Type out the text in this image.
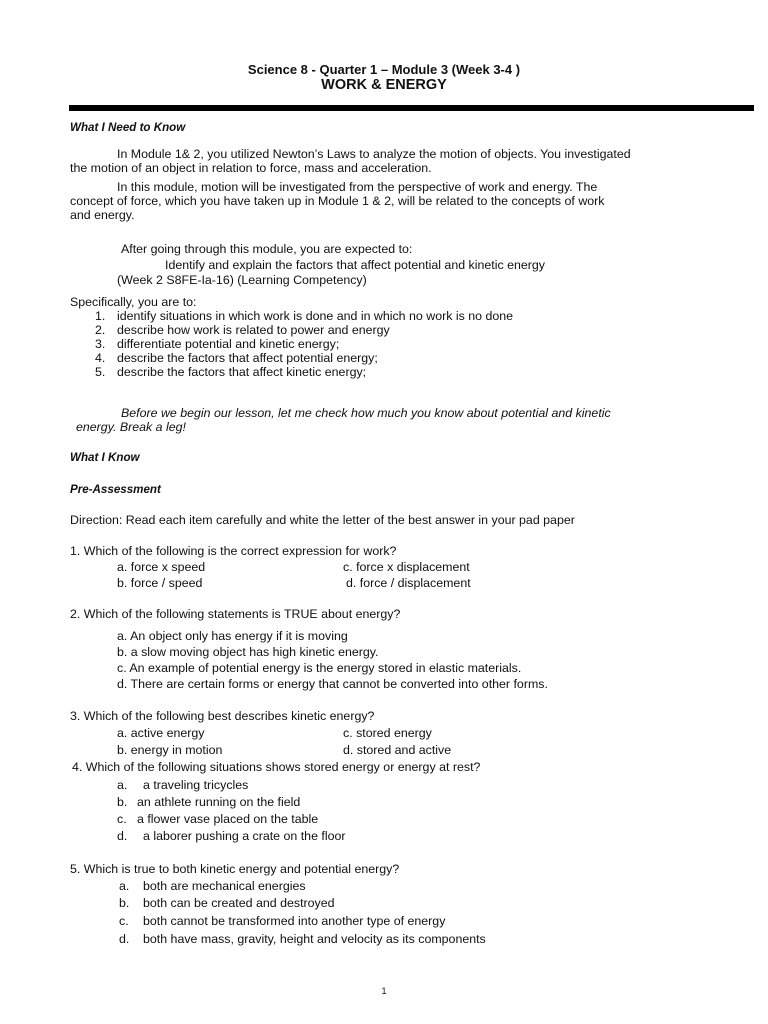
Science 8 - Quarter 1 – Module 3 (Week 3-4 )
WORK & ENERGY
What I Need to Know
In Module 1& 2, you utilized Newton’s Laws to analyze the motion of objects. You investigated
the motion of an object in relation to force, mass and acceleration.
In this module, motion will be investigated from the perspective of work and energy. The
concept of force, which you have taken up in Module 1 & 2, will be related to the concepts of work
and energy.
After going through this module, you are expected to:
Identify and explain the factors that affect potential and kinetic energy
(Week 2 S8FE-Ia-16) (Learning Competency)
Specifically, you are to:
1. identify situations in which work is done and in which no work is no done
2. describe how work is related to power and energy
3. differentiate potential and kinetic energy;
4. describe the factors that affect potential energy;
5. describe the factors that affect kinetic energy;
Before we begin our lesson, let me check how much you know about potential and kinetic
energy. Break a leg!
What I Know
Pre-Assessment
Direction: Read each item carefully and white the letter of the best answer in your pad paper
1. Which of the following is the correct expression for work?
a. force x speed	c. force x displacement
b. force / speed	d. force / displacement
2. Which of the following statements is TRUE about energy?
a. An object only has energy if it is moving
b. a slow moving object has high kinetic energy.
c. An example of potential energy is the energy stored in elastic materials.
d. There are certain forms or energy that cannot be converted into other forms.
3. Which of the following best describes kinetic energy?
a. active energy	c. stored energy
b. energy in motion	d. stored and active
4. Which of the following situations shows stored energy or energy at rest?
a. a traveling tricycles
b. an athlete running on the field
c. a flower vase placed on the table
d. a laborer pushing a crate on the floor
5. Which is true to both kinetic energy and potential energy?
a. both are mechanical energies
b. both can be created and destroyed
c. both cannot be transformed into another type of energy
d. both have mass, gravity, height and velocity as its components
1
